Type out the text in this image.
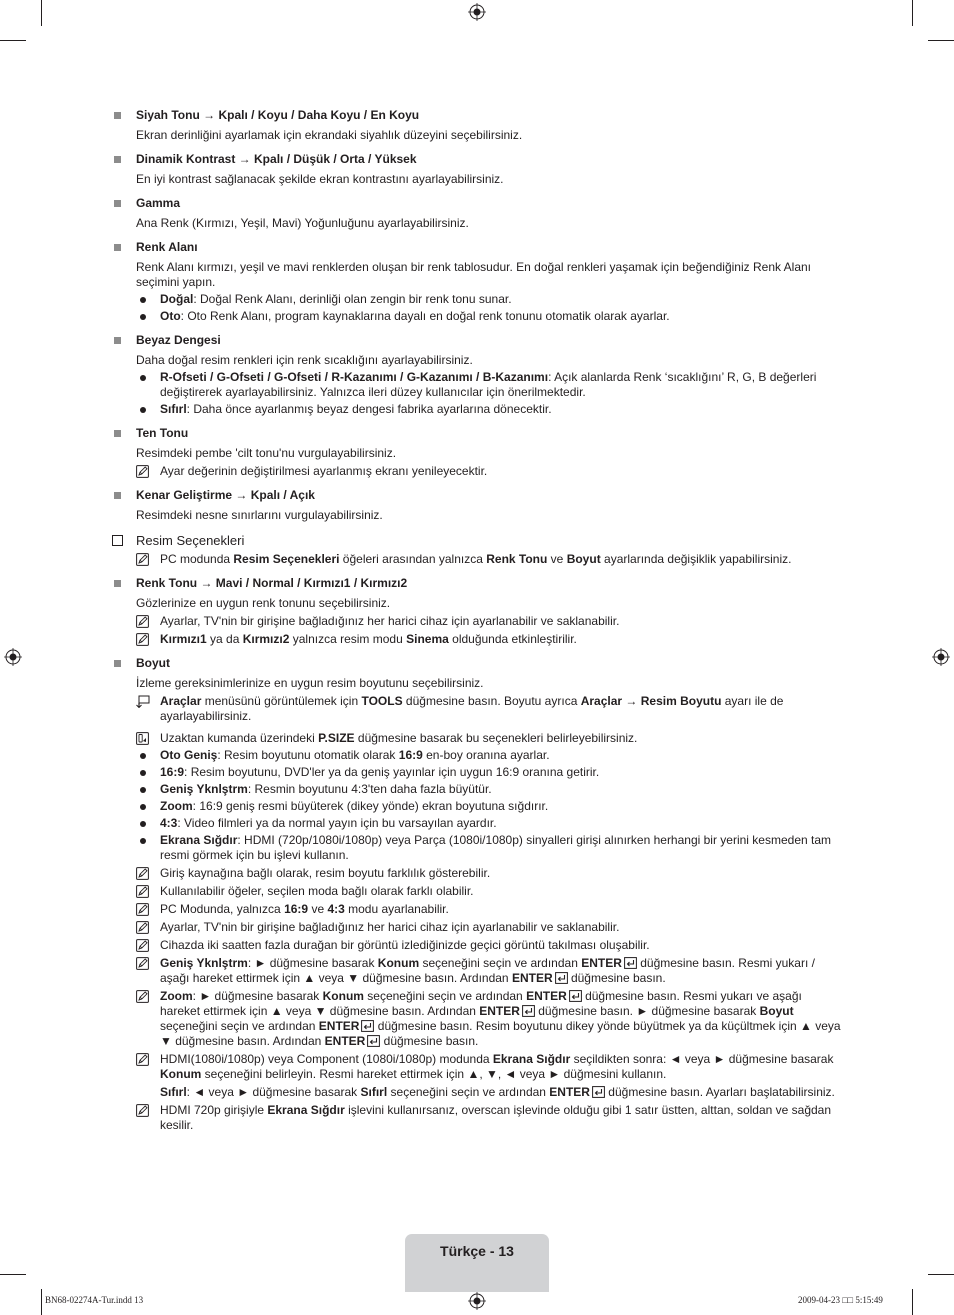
Siyah Tonu → Kpalı / Koyu / Daha Koyu / En Koyu
Ekran derinliğini ayarlamak için ekrandaki siyahlık düzeyini seçebilirsiniz.
Dinamik Kontrast → Kpalı / Düşük / Orta / Yüksek
En iyi kontrast sağlanacak şekilde ekran kontrastını ayarlayabilirsiniz.
Gamma
Ana Renk (Kırmızı, Yeşil, Mavi) Yoğunluğunu ayarlayabilirsiniz.
Renk Alanı
Renk Alanı kırmızı, yeşil ve mavi renklerden oluşan bir renk tablosudur. En doğal renkleri yaşamak için beğendiğiniz Renk Alanı seçimini yapın.
Doğal: Doğal Renk Alanı, derinliği olan zengin bir renk tonu sunar.
Oto: Oto Renk Alanı, program kaynaklarına dayalı en doğal renk tonunu otomatik olarak ayarlar.
Beyaz Dengesi
Daha doğal resim renkleri için renk sıcaklığını ayarlayabilirsiniz.
R-Ofseti / G-Ofseti / G-Ofseti / R-Kazanımı / G-Kazanımı / B-Kazanımı: Açık alanlarda Renk ‘sıcaklığını’ R, G, B değerleri değiştirerek ayarlayabilirsiniz. Yalnızca ileri düzey kullanıcılar için önerilmektedir.
Sıfırl: Daha önce ayarlanmış beyaz dengesi fabrika ayarlarına dönecektir.
Ten Tonu
Resimdeki pembe 'cilt tonu'nu vurgulayabilirsiniz.
Ayar değerinin değiştirilmesi ayarlanmış ekranı yenileyecektir.
Kenar Geliştirme → Kpalı / Açık
Resimdeki nesne sınırlarını vurgulayabilirsiniz.
Resim Seçenekleri
PC modunda Resim Seçenekleri öğeleri arasından yalnızca Renk Tonu ve Boyut ayarlarında değişiklik yapabilirsiniz.
Renk Tonu → Mavi / Normal / Kırmızı1 / Kırmızı2
Gözlerinize en uygun renk tonunu seçebilirsiniz.
Ayarlar, TV'nin bir girişine bağladığınız her harici cihaz için ayarlanabilir ve saklanabilir.
Kırmızı1 ya da Kırmızı2 yalnızca resim modu Sinema olduğunda etkinleştirilir.
Boyut
İzleme gereksinimlerinize en uygun resim boyutunu seçebilirsiniz.
Araçlar menüsünü görüntülemek için TOOLS düğmesine basın. Boyutu ayrıca Araçlar → Resim Boyutu ayarı ile de ayarlayabilirsiniz.
Uzaktan kumanda üzerindeki P.SIZE düğmesine basarak bu seçenekleri belirleyebilirsiniz.
Oto Geniş: Resim boyutunu otomatik olarak 16:9 en-boy oranına ayarlar.
16:9: Resim boyutunu, DVD'ler ya da geniş yayınlar için uygun 16:9 oranına getirir.
Geniş Yknlştrm: Resmin boyutunu 4:3'ten daha fazla büyütür.
Zoom: 16:9 geniş resmi büyüterek (dikey yönde) ekran boyutuna sığdırır.
4:3: Video filmleri ya da normal yayın için bu varsayılan ayardır.
Ekrana Sığdır: HDMI (720p/1080i/1080p) veya Parça (1080i/1080p) sinyalleri girişi alınırken herhangi bir yerini kesmeden tam resmi görmek için bu işlevi kullanın.
Giriş kaynağına bağlı olarak, resim boyutu farklılık gösterebilir.
Kullanılabilir öğeler, seçilen moda bağlı olarak farklı olabilir.
PC Modunda, yalnızca 16:9 ve 4:3 modu ayarlanabilir.
Ayarlar, TV'nin bir girişine bağladığınız her harici cihaz için ayarlanabilir ve saklanabilir.
Cihazda iki saatten fazla durağan bir görüntü izlediğinizde geçici görüntü takılması oluşabilir.
Geniş Yknlştrm: ► düğmesine basarak Konum seçeneğini seçin ve ardından ENTER düğmesine basın. Resmi yukarı / aşağı hareket ettirmek için ▲ veya ▼ düğmesine basın. Ardından ENTER düğmesine basın.
Zoom: ► düğmesine basarak Konum seçeneğini seçin ve ardından ENTER düğmesine basın. Resmi yukarı ve aşağı hareket ettirmek için ▲ veya ▼ düğmesine basın. Ardından ENTER düğmesine basın. ► düğmesine basarak Boyut seçeneğini seçin ve ardından ENTER düğmesine basın. Resim boyutunu dikey yönde büyütmek ya da küçültmek için ▲ veya ▼ düğmesine basın. Ardından ENTER düğmesine basın.
HDMI(1080i/1080p) veya Component (1080i/1080p) modunda Ekrana Sığdır seçildikten sonra: ◄ veya ► düğmesine basarak Konum seçeneğini belirleyin. Resmi hareket ettirmek için ▲, ▼, ◄ veya ► düğmesini kullanın.
Sıfırl: ◄ veya ► düğmesine basarak Sıfırl seçeneğini seçin ve ardından ENTER düğmesine basın. Ayarları başlatabilirsiniz.
HDMI 720p girişiyle Ekrana Sığdır işlevini kullanırsanız, overscan işlevinde olduğu gibi 1 satır üstten, alttan, soldan ve sağdan kesilir.
Türkçe - 13
BN68-02274A-Tur.indd 13	2009-04-23 □□ 5:15:49
